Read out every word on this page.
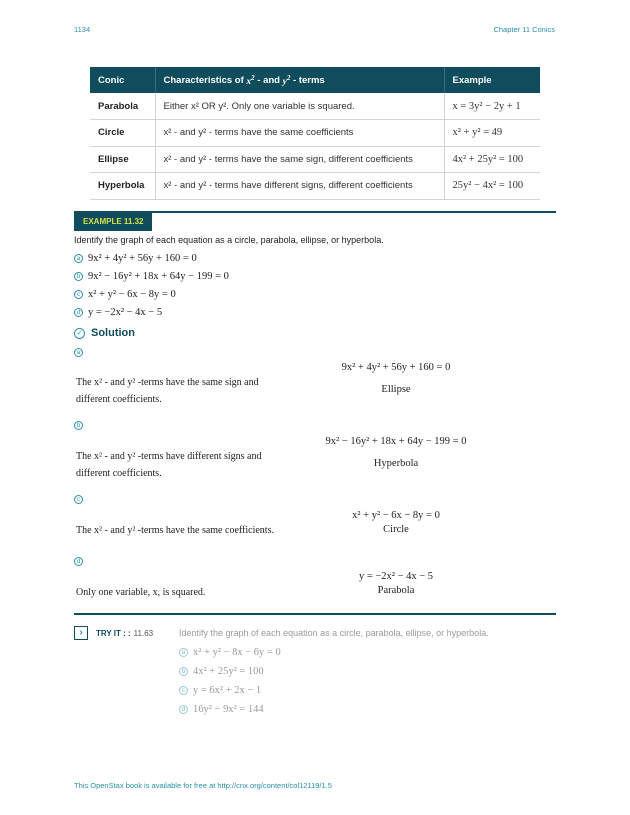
1134	Chapter 11 Conics
Conic	Characteristics of $x^2$ - and $y^2$ - terms	Example
Parabola	Either x² OR y². Only one variable is squared.	x = 3y² − 2y + 1
Circle	x² - and y² - terms have the same coefficients	x² + y² = 49
Ellipse	x² - and y² - terms have the same sign, different coefficients	4x² + 25y² = 100
Hyperbola	x² - and y² - terms have different signs, different coefficients	25y² − 4x² = 100
EXAMPLE 11.32
Identify the graph of each equation as a circle, parabola, ellipse, or hyperbola.
a 9x² + 4y² + 56y + 160 = 0
b 9x² − 16y² + 18x + 64y − 199 = 0
c x² + y² − 6x − 8y = 0
d y = −2x² − 4x − 5
✓ Solution
a
9x² + 4y² + 56y + 160 = 0
The x² - and y² -terms have the same sign and different coefficients.
Ellipse
b
9x² − 16y² + 18x + 64y − 199 = 0
The x² - and y² -terms have different signs and different coefficients.
Hyperbola
c
x² + y² − 6x − 8y = 0
The x² - and y² -terms have the same coefficients.	Circle
d
y = −2x² − 4x − 5
Only one variable, x, is squared.	Parabola
›	TRY IT : : 11.63	Identify the graph of each equation as a circle, parabola, ellipse, or hyperbola.
a x² + y² − 8x − 6y = 0
b 4x² + 25y² = 100
c y = 6x² + 2x − 1
d 16y² − 9x² = 144
This OpenStax book is available for free at http://cnx.org/content/col12119/1.5
